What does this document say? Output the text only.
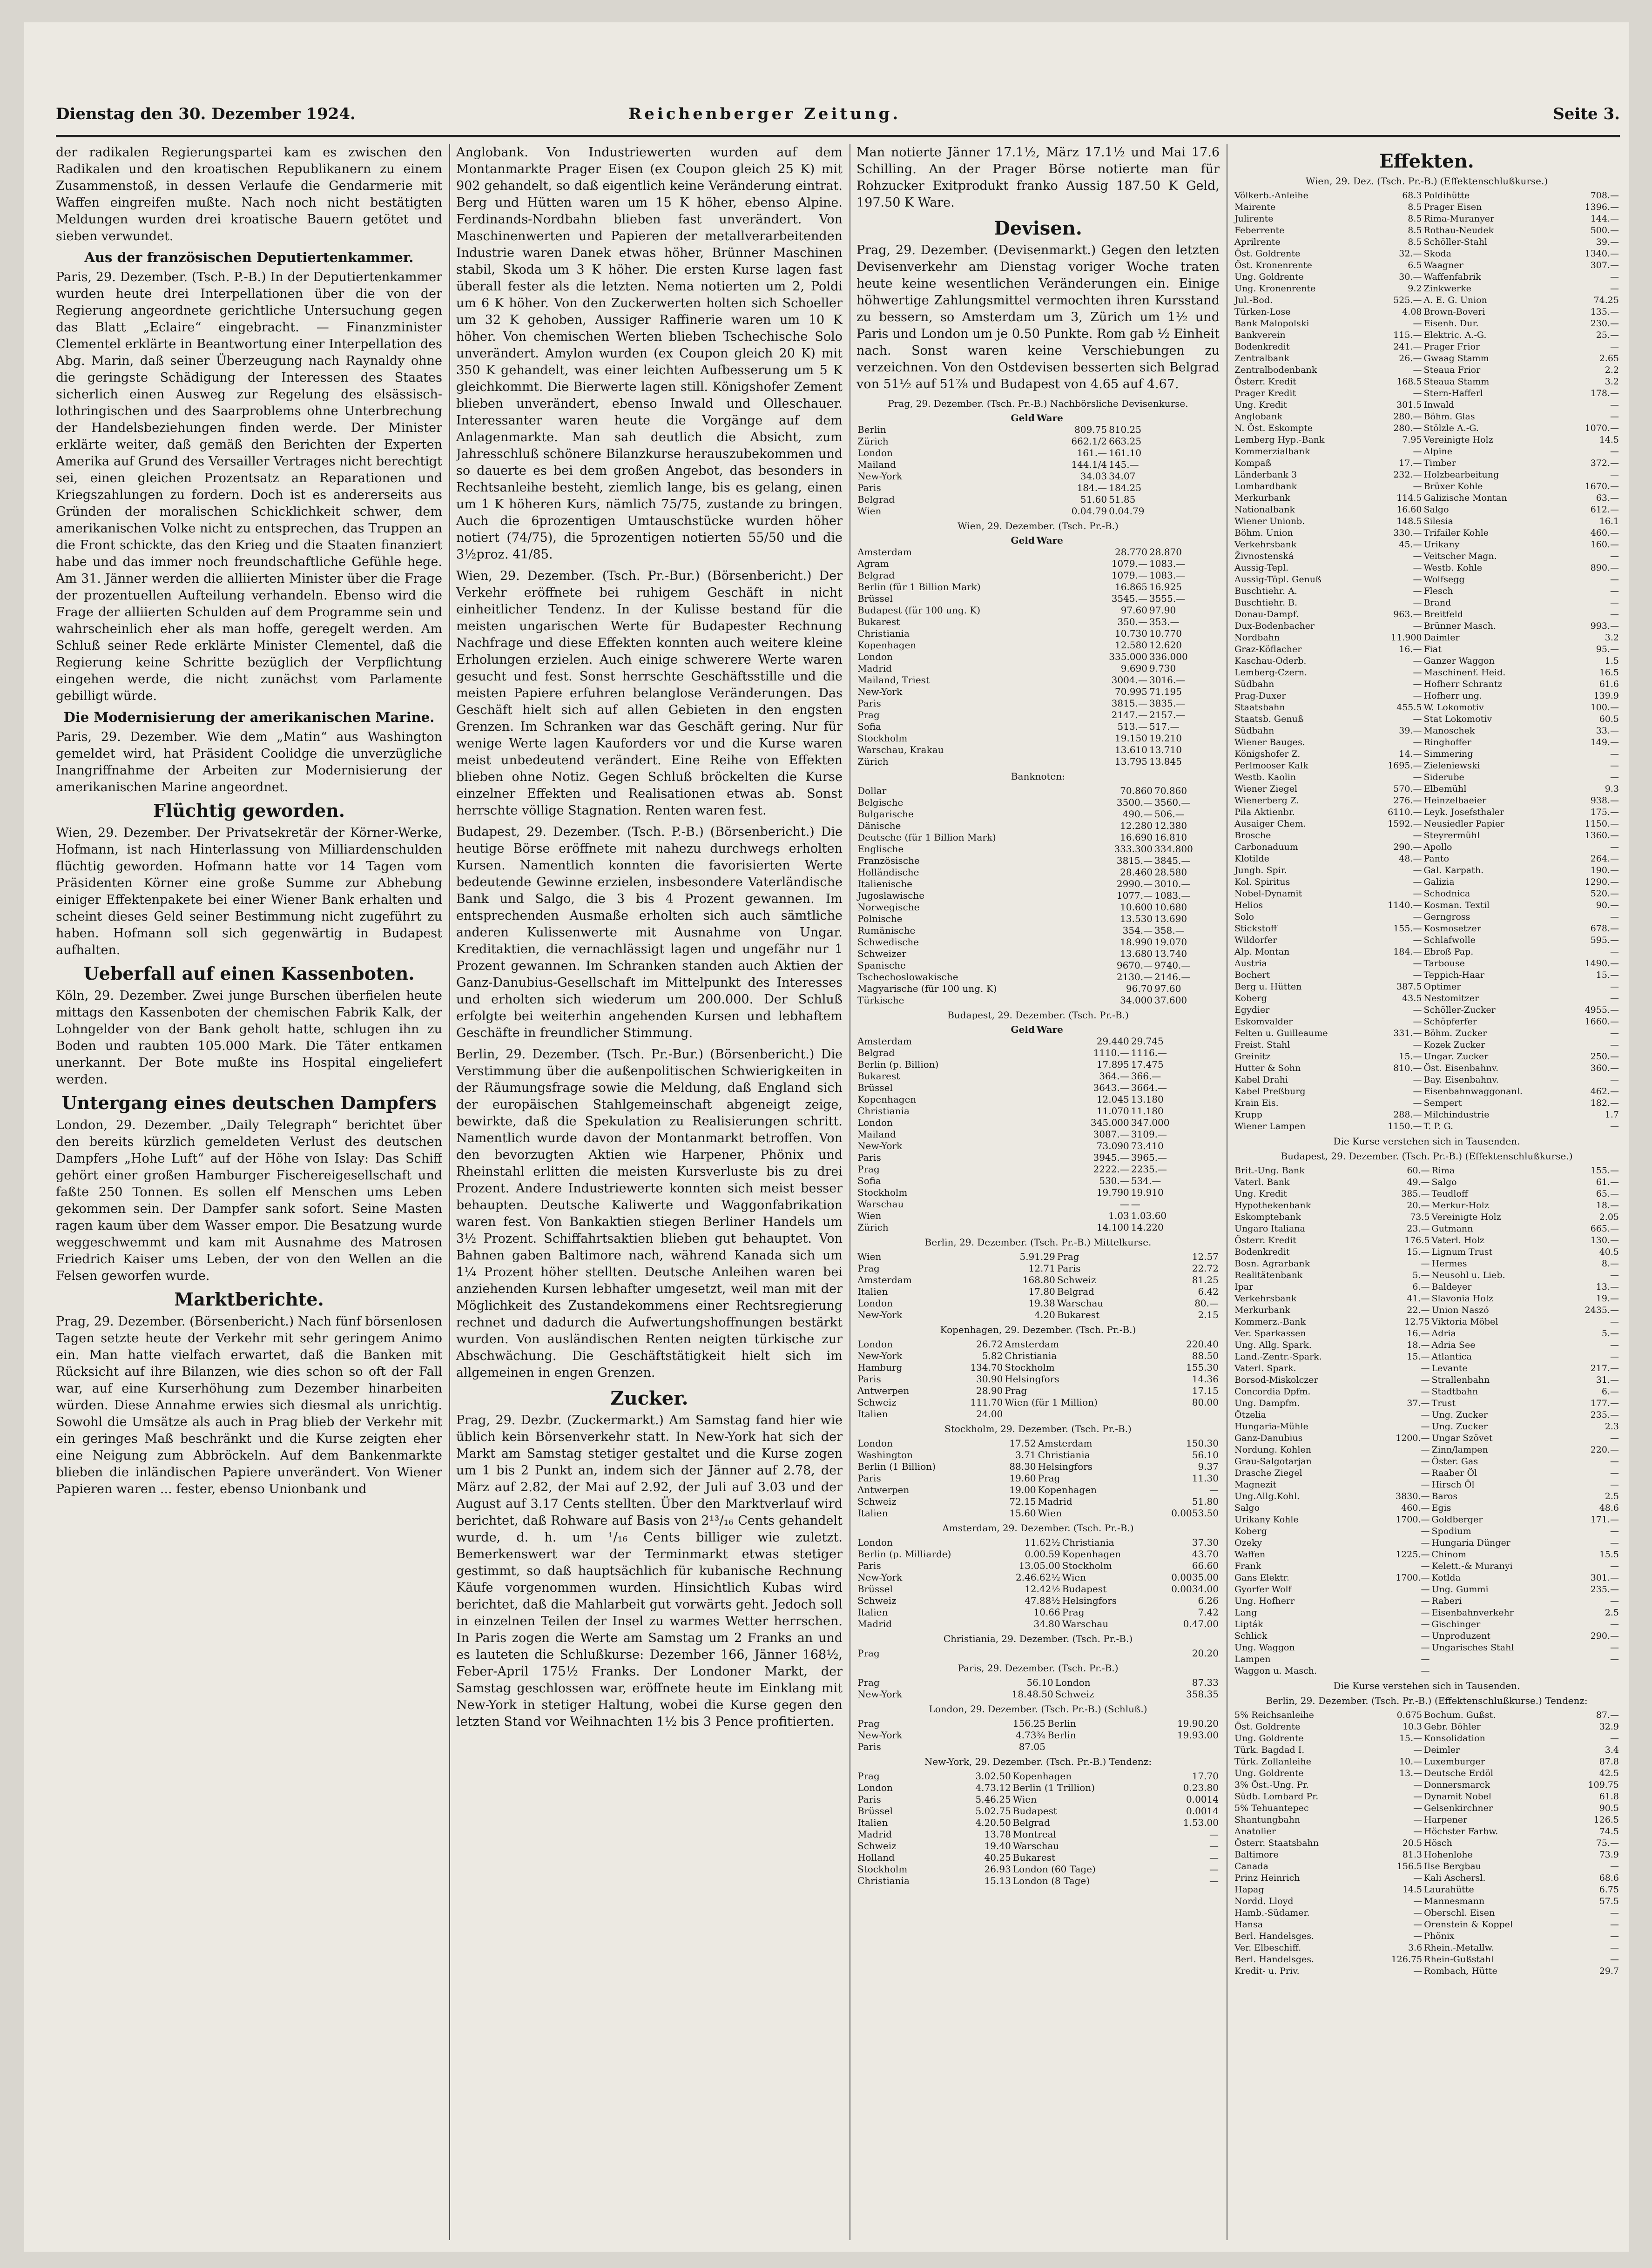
Dienstag den 30. Dezember 1924.	Reichenberger Zeitung.	Seite 3.

der radikalen Regierungspartei kam es zwischen den Radikalen und den kroatischen Republikanern zu einem Zusammenstoß, in dessen Verlaufe die Gendarmerie mit Waffen eingreifen mußte. Nach noch nicht bestätigten Meldungen wurden drei kroatische Bauern getötet und sieben verwundet.

Aus der französischen Deputiertenkammer.

Paris, 29. Dezember. (Tsch. P.-B.) In der Deputiertenkammer wurden heute drei Interpellationen über die von der Regierung angeordnete gerichtliche Untersuchung gegen das Blatt „Eclaire“ eingebracht. — Finanzminister Clementel erklärte in Beantwortung einer Interpellation des Abg. Marin, daß seiner Überzeugung nach Raynaldy ohne die geringste Schädigung der Interessen des Staates sicherlich einen Ausweg zur Regelung des elsässisch-lothringischen und des Saarproblems ohne Unterbrechung der Handelsbeziehungen finden werde. Der Minister erklärte weiter, daß gemäß den Berichten der Experten Amerika auf Grund des Versailler Vertrages nicht berechtigt sei, einen gleichen Prozentsatz an Reparationen und Kriegszahlungen zu fordern. Doch ist es andererseits aus Gründen der moralischen Schicklichkeit schwer, dem amerikanischen Volke nicht zu entsprechen, das Truppen an die Front schickte, das den Krieg und die Staaten finanziert habe und das immer noch freundschaftliche Gefühle hege. Am 31. Jänner werden die alliierten Minister über die Frage der prozentuellen Aufteilung verhandeln. Ebenso wird die Frage der alliierten Schulden auf dem Programme sein und wahrscheinlich eher als man hoffe, geregelt werden. Am Schluß seiner Rede erklärte Minister Clementel, daß die Regierung keine Schritte bezüglich der Verpflichtung eingehen werde, die nicht zunächst vom Parlamente gebilligt würde.

Die Modernisierung der amerikanischen Marine.

Paris, 29. Dezember. Wie dem „Matin“ aus Washington gemeldet wird, hat Präsident Coolidge die unverzügliche Inangriffnahme der Arbeiten zur Modernisierung der amerikanischen Marine angeordnet.

Flüchtig geworden.

Wien, 29. Dezember. Der Privatsekretär der Körner-Werke, Hofmann, ist nach Hinterlassung von Milliardenschulden flüchtig geworden. Hofmann hatte vor 14 Tagen vom Präsidenten Körner eine große Summe zur Abhebung einiger Effektenpakete bei einer Wiener Bank erhalten und scheint dieses Geld seiner Bestimmung nicht zugeführt zu haben. Hofmann soll sich gegenwärtig in Budapest aufhalten.

Ueberfall auf einen Kassenboten.

Köln, 29. Dezember. Zwei junge Burschen überfielen heute mittags den Kassenboten der chemischen Fabrik Kalk, der Lohngelder von der Bank geholt hatte, schlugen ihn zu Boden und raubten 105.000 Mark. Die Täter entkamen unerkannt. Der Bote mußte ins Hospital eingeliefert werden.

Untergang eines deutschen Dampfers

London, 29. Dezember. „Daily Telegraph“ berichtet über den bereits kürzlich gemeldeten Verlust des deutschen Dampfers „Hohe Luft“ auf der Höhe von Islay: Das Schiff gehört einer großen Hamburger Fischereigesellschaft und faßte 250 Tonnen. Es sollen elf Menschen ums Leben gekommen sein. Der Dampfer sank sofort. Seine Masten ragen kaum über dem Wasser empor. Die Besatzung wurde weggeschwemmt und kam mit Ausnahme des Matrosen Friedrich Kaiser ums Leben, der von den Wellen an die Felsen geworfen wurde.

Marktberichte.

Prag, 29. Dezember. (Börsenbericht.) Nach fünf börsenlosen Tagen setzte heute der Verkehr mit sehr geringem Animo ein. Man hatte vielfach erwartet, daß die Banken mit Rücksicht auf ihre Bilanzen, wie dies schon so oft der Fall war, auf eine Kurserhöhung zum Dezember hinarbeiten würden. Diese Annahme erwies sich diesmal als unrichtig. Sowohl die Umsätze als auch in Prag blieb der Verkehr mit ein geringes Maß beschränkt und die Kurse zeigten eher eine Neigung zum Abbröckeln. Auf dem Bankenmarkte blieben die inländischen Papiere unverändert. Von Wiener Papieren waren ... fester, ebenso Unionbank und

Anglobank. Von Industriewerten wurden auf dem Montanmarkte Prager Eisen (ex Coupon gleich 25 K) mit 902 gehandelt, so daß eigentlich keine Veränderung eintrat. Berg und Hütten waren um 15 K höher, ebenso Alpine. Ferdinands-Nordbahn blieben fast unverändert. Von Maschinenwerten und Papieren der metallverarbeitenden Industrie waren Danek etwas höher, Brünner Maschinen stabil, Skoda um 3 K höher. Die ersten Kurse lagen fast überall fester als die letzten. Nema notierten um 2, Poldi um 6 K höher. Von den Zuckerwerten holten sich Schoeller um 32 K gehoben, Aussiger Raffinerie waren um 10 K höher. Von chemischen Werten blieben Tschechische Solo unverändert. Amylon wurden (ex Coupon gleich 20 K) mit 350 K gehandelt, was einer leichten Aufbesserung um 5 K gleichkommt. Die Bierwerte lagen still. Königshofer Zement blieben unverändert, ebenso Inwald und Olleschauer. Interessanter waren heute die Vorgänge auf dem Anlagenmarkte. Man sah deutlich die Absicht, zum Jahresschluß schönere Bilanzkurse herauszubekommen und so dauerte es bei dem großen Angebot, das besonders in Rechtsanleihe besteht, ziemlich lange, bis es gelang, einen um 1 K höheren Kurs, nämlich 75/75, zustande zu bringen. Auch die 6prozentigen Umtauschstücke wurden höher notiert (74/75), die 5prozentigen notierten 55/50 und die 3½proz. 41/85.

Wien, 29. Dezember. (Tsch. Pr.-Bur.) (Börsenbericht.) Der Verkehr eröffnete bei ruhigem Geschäft in nicht einheitlicher Tendenz. In der Kulisse bestand für die meisten ungarischen Werte für Budapester Rechnung Nachfrage und diese Effekten konnten auch weitere kleine Erholungen erzielen. Auch einige schwerere Werte waren gesucht und fest. Sonst herrschte Geschäftsstille und die meisten Papiere erfuhren belanglose Veränderungen. Das Geschäft hielt sich auf allen Gebieten in den engsten Grenzen. Im Schranken war das Geschäft gering. Nur für wenige Werte lagen Kauforders vor und die Kurse waren meist unbedeutend verändert. Eine Reihe von Effekten blieben ohne Notiz. Gegen Schluß bröckelten die Kurse einzelner Effekten und Realisationen etwas ab. Sonst herrschte völlige Stagnation. Renten waren fest.

Budapest, 29. Dezember. (Tsch. P.-B.) (Börsenbericht.) Die heutige Börse eröffnete mit nahezu durchwegs erholten Kursen. Namentlich konnten die favorisierten Werte bedeutende Gewinne erzielen, insbesondere Vaterländische Bank und Salgo, die 3 bis 4 Prozent gewannen. Im entsprechenden Ausmaße erholten sich auch sämtliche anderen Kulissenwerte mit Ausnahme von Ungar. Kreditaktien, die vernachlässigt lagen und ungefähr nur 1 Prozent gewannen. Im Schranken standen auch Aktien der Ganz-Danubius-Gesellschaft im Mittelpunkt des Interesses und erholten sich wiederum um 200.000. Der Schluß erfolgte bei weiterhin angehenden Kursen und lebhaftem Geschäfte in freundlicher Stimmung.

Berlin, 29. Dezember. (Tsch. Pr.-Bur.) (Börsenbericht.) Die Verstimmung über die außenpolitischen Schwierigkeiten in der Räumungsfrage sowie die Meldung, daß England sich der europäischen Stahlgemeinschaft abgeneigt zeige, bewirkte, daß die Spekulation zu Realisierungen schritt. Namentlich wurde davon der Montanmarkt betroffen. Von den bevorzugten Aktien wie Harpener, Phönix und Rheinstahl erlitten die meisten Kursverluste bis zu drei Prozent. Andere Industriewerte konnten sich meist besser behaupten. Deutsche Kaliwerte und Waggonfabrikation waren fest. Von Bankaktien stiegen Berliner Handels um 3½ Prozent. Schiffahrtsaktien blieben gut behauptet. Von Bahnen gaben Baltimore nach, während Kanada sich um 1¼ Prozent höher stellten. Deutsche Anleihen waren bei anziehenden Kursen lebhafter umgesetzt, weil man mit der Möglichkeit des Zustandekommens einer Rechtsregierung rechnet und dadurch die Aufwertungshoffnungen bestärkt wurden. Von ausländischen Renten neigten türkische zur Abschwächung. Die Geschäftstätigkeit hielt sich im allgemeinen in engen Grenzen.

Zucker.

Prag, 29. Dezbr. (Zuckermarkt.) Am Samstag fand hier wie üblich kein Börsenverkehr statt. In New-York hat sich der Markt am Samstag stetiger gestaltet und die Kurse zogen um 1 bis 2 Punkt an, indem sich der Jänner auf 2.78, der März auf 2.82, der Mai auf 2.92, der Juli auf 3.03 und der August auf 3.17 Cents stellten. Über den Marktverlauf wird berichtet, daß Rohware auf Basis von 2¹³/₁₆ Cents gehandelt wurde, d. h. um ¹/₁₆ Cents billiger wie zuletzt. Bemerkenswert war der Terminmarkt etwas stetiger gestimmt, so daß hauptsächlich für kubanische Rechnung Käufe vorgenommen wurden. Hinsichtlich Kubas wird berichtet, daß die Mahlarbeit gut vorwärts geht. Jedoch soll in einzelnen Teilen der Insel zu warmes Wetter herrschen. In Paris zogen die Werte am Samstag um 2 Franks an und es lauteten die Schlußkurse: Dezember 166, Jänner 168½, Feber-April 175½ Franks. Der Londoner Markt, der Samstag geschlossen war, eröffnete heute im Einklang mit New-York in stetiger Haltung, wobei die Kurse gegen den letzten Stand vor Weihnachten 1½ bis 3 Pence profitierten.

Man notierte Jänner 17.1½, März 17.1½ und Mai 17.6 Schilling. An der Prager Börse notierte man für Rohzucker Exitprodukt franko Aussig 187.50 K Geld, 197.50 K Ware.

Devisen.

Prag, 29. Dezember. (Devisenmarkt.) Gegen den letzten Devisenverkehr am Dienstag voriger Woche traten heute keine wesentlichen Veränderungen ein. Einige höhwertige Zahlungsmittel vermochten ihren Kursstand zu bessern, so Amsterdam um 3, Zürich um 1½ und Paris und London um je 0.50 Punkte. Rom gab ½ Einheit nach. Sonst waren keine Verschiebungen zu verzeichnen. Von den Ostdevisen besserten sich Belgrad von 51½ auf 51⅞ und Budapest von 4.65 auf 4.67.

Prag, 29. Dezember. (Tsch. Pr.-B.) Nachbörsliche Devisenkurse.
	Geld	Ware
Berlin	809.75	810.25
Zürich	662.1/2	663.25
London	161.—	161.10
Mailand	144.1/4	145.—
New-York	34.03	34.07
Paris	184.—	184.25
Belgrad	51.60	51.85
Wien	0.04.79	0.04.79
Wien, 29. Dezember. (Tsch. Pr.-B.)
	Geld	Ware
Amsterdam	28.770	28.870
Agram	1079.—	1083.—
Belgrad	1079.—	1083.—
Berlin (für 1 Billion Mark)	16.865	16.925
Brüssel	3545.—	3555.—
Budapest (für 100 ung. K)	97.60	97.90
Bukarest	350.—	353.—
Christiania	10.730	10.770
Kopenhagen	12.580	12.620
London	335.000	336.000
Madrid	9.690	9.730
Mailand, Triest	3004.—	3016.—
New-York	70.995	71.195
Paris	3815.—	3835.—
Prag	2147.—	2157.—
Sofia	513.—	517.—
Stockholm	19.150	19.210
Warschau, Krakau	13.610	13.710
Zürich	13.795	13.845
Banknoten:
Dollar	70.860	70.860
Belgische	3500.—	3560.—
Bulgarische	490.—	506.—
Dänische	12.280	12.380
Deutsche (für 1 Billion Mark)	16.690	16.810
Englische	333.300	334.800
Französische	3815.—	3845.—
Holländische	28.460	28.580
Italienische	2990.—	3010.—
Jugoslawische	1077.—	1083.—
Norwegische	10.600	10.680
Polnische	13.530	13.690
Rumänische	354.—	358.—
Schwedische	18.990	19.070
Schweizer	13.680	13.740
Spanische	9670.—	9740.—
Tschechoslowakische	2130.—	2146.—
Magyarische (für 100 ung. K)	96.70	97.60
Türkische	34.000	37.600
Budapest, 29. Dezember. (Tsch. Pr.-B.)
	Geld	Ware
Amsterdam	29.440	29.745
Belgrad	1110.—	1116.—
Berlin (p. Billion)	17.895	17.475
Bukarest	364.—	366.—
Brüssel	3643.—	3664.—
Kopenhagen	12.045	13.180
Christiania	11.070	11.180
London	345.000	347.000
Mailand	3087.—	3109.—
New-York	73.090	73.410
Paris	3945.—	3965.—
Prag	2222.—	2235.—
Sofia	530.—	534.—
Stockholm	19.790	19.910
Warschau	—	—
Wien	1.03	1.03.60
Zürich	14.100	14.220
Berlin, 29. Dezember. (Tsch. Pr.-B.) Mittelkurse.
Wien	5.91.29	Prag	12.57
Prag	12.71	Paris	22.72
Amsterdam	168.80	Schweiz	81.25
Italien	17.80	Belgrad	6.42
London	19.38	Warschau	80.—
New-York	4.20	Bukarest	2.15
Kopenhagen, 29. Dezember. (Tsch. Pr.-B.)
London	26.72	Amsterdam	220.40
New-York	5.82	Christiania	88.50
Hamburg	134.70	Stockholm	155.30
Paris	30.90	Helsingfors	14.36
Antwerpen	28.90	Prag	17.15
Schweiz	111.70	Wien (für 1 Million)	80.00
Italien	24.00		
Stockholm, 29. Dezember. (Tsch. Pr.-B.)
London	17.52	Amsterdam	150.30
Washington	3.71	Christiania	56.10
Berlin (1 Billion)	88.30	Helsingfors	9.37
Paris	19.60	Prag	11.30
Antwerpen	19.00	Kopenhagen	—
Schweiz	72.15	Madrid	51.80
Italien	15.60	Wien	0.0053.50
Amsterdam, 29. Dezember. (Tsch. Pr.-B.)
London	11.62½	Christiania	37.30
Berlin (p. Milliarde)	0.00.59	Kopenhagen	43.70
Paris	13.05.00	Stockholm	66.60
New-York	2.46.62½	Wien	0.0035.00
Brüssel	12.42½	Budapest	0.0034.00
Schweiz	47.88½	Helsingfors	6.26
Italien	10.66	Prag	7.42
Madrid	34.80	Warschau	0.47.00
Christiania, 29. Dezember. (Tsch. Pr.-B.)
Prag			20.20
Paris, 29. Dezember. (Tsch. Pr.-B.)
Prag	56.10	London	87.33
New-York	18.48.50	Schweiz	358.35
London, 29. Dezember. (Tsch. Pr.-B.) (Schluß.)
Prag	156.25	Berlin	19.90.20
New-York	4.73¾	Berlin	19.93.00
Paris	87.05		
New-York, 29. Dezember. (Tsch. Pr.-B.) Tendenz:
Prag	3.02.50	Kopenhagen	17.70
London	4.73.12	Berlin (1 Trillion)	0.23.80
Paris	5.46.25	Wien	0.0014
Brüssel	5.02.75	Budapest	0.0014
Italien	4.20.50	Belgrad	1.53.00
Madrid	13.78	Montreal	—
Schweiz	19.40	Warschau	—
Holland	40.25	Bukarest	—
Stockholm	26.93	London (60 Tage)	—
Christiania	15.13	London (8 Tage)	—
Effekten.
Wien, 29. Dez. (Tsch. Pr.-B.) (Effektenschlußkurse.)
Völkerb.-Anleihe	68.3	Poldihütte	708.—
Mairente	8.5	Prager Eisen	1396.—
Julirente	8.5	Rima-Muranyer	144.—
Feberrente	8.5	Rothau-Neudek	500.—
Aprilrente	8.5	Schöller-Stahl	39.—
Öst. Goldrente	32.—	Skoda	1340.—
Öst. Kronenrente	6.5	Waagner	307.—
Ung. Goldrente	30.—	Waffenfabrik	—
Ung. Kronenrente	9.2	Zinkwerke	—
Jul.-Bod.	525.—	A. E. G. Union	74.25
Türken-Lose	4.08	Brown-Boveri	135.—
Bank Malopolski	—	Eisenh. Dur.	230.—
Bankverein	115.—	Elektric. A.-G.	25.—
Bodenkredit	241.—	Prager Frior	—
Zentralbank	26.—	Gwaag Stamm	2.65
Zentralbodenbank	—	Steaua Frior	2.2
Österr. Kredit	168.5	Steaua Stamm	3.2
Prager Kredit	—	Stern-Hafferl	178.—
Ung. Kredit	301.5	Inwald	—
Anglobank	280.—	Böhm. Glas	—
N. Öst. Eskompte	280.—	Stölzle A.-G.	1070.—
Lemberg Hyp.-Bank	7.95	Vereinigte Holz	14.5
Kommerzialbank	—	Alpine	—
Kompaß	17.—	Timber	372.—
Länderbank 3	232.—	Holzbearbeitung	—
Lombardbank	—	Brüxer Kohle	1670.—
Merkurbank	114.5	Galizische Montan	63.—
Nationalbank	16.60	Salgo	612.—
Wiener Unionb.	148.5	Silesia	16.1
Böhm. Union	330.—	Trifailer Kohle	460.—
Verkehrsbank	45.—	Urikany	160.—
Živnostenská	—	Veitscher Magn.	—
Aussig-Tepl.	—	Westb. Kohle	890.—
Aussig-Töpl. Genuß	—	Wolfsegg	—
Buschtiehr. A.	—	Flesch	—
Buschtiehr. B.	—	Brand	—
Donau-Dampf.	963.—	Breitfeld	—
Dux-Bodenbacher	—	Brünner Masch.	993.—
Nordbahn	11.900	Daimler	3.2
Graz-Köflacher	16.—	Fiat	95.—
Kaschau-Oderb.	—	Ganzer Waggon	1.5
Lemberg-Czern.	—	Maschinenf. Heid.	16.5
Südbahn	—	Hofherr Schrantz	61.6
Prag-Duxer	—	Hofherr ung.	139.9
Staatsbahn	455.5	W. Lokomotiv	100.—
Staatsb. Genuß	—	Stat Lokomotiv	60.5
Südbahn	39.—	Manoschek	33.—
Wiener Bauges.	—	Ringhoffer	149.—
Königshofer Z.	14.—	Simmering	—
Perlmooser Kalk	1695.—	Zieleniewski	—
Westb. Kaolin	—	Siderube	—
Wiener Ziegel	570.—	Elbemühl	9.3
Wienerberg Z.	276.—	Heinzelbaeier	938.—
Pila Aktienbr.	6110.—	Leyk. Josefsthaler	175.—
Ausaiger Chem.	1592.—	Neusiedler Papier	1150.—
Brosche	—	Steyrermühl	1360.—
Carbonaduum	290.—	Apollo	—
Klotilde	48.—	Panto	264.—
Jungb. Spir.	—	Gal. Karpath.	190.—
Kol. Spiritus	—	Galizia	1290.—
Nobel-Dynamit	—	Schodnica	520.—
Helios	1140.—	Kosman. Textil	90.—
Solo	—	Gerngross	—
Stickstoff	155.—	Kosmosetzer	678.—
Wildorfer	—	Schlafwolle	595.—
Alp. Montan	184.—	Ebroß Pap.	—
Austria	—	Tarbouse	1490.—
Bochert	—	Teppich-Haar	15.—
Berg u. Hütten	387.5	Optimer	—
Koberg	43.5	Nestomitzer	—
Egydier	—	Schöller-Zucker	4955.—
Eskomvalder	—	Schöpferfer	1660.—
Felten u. Guilleaume	331.—	Böhm. Zucker	—
Freist. Stahl	—	Kozek Zucker	—
Greinitz	15.—	Ungar. Zucker	250.—
Hutter & Sohn	810.—	Öst. Eisenbahnv.	360.—
Kabel Drahi	—	Bay. Eisenbahnv.	—
Kabel Preßburg	—	Eisenbahnwaggonanl.	462.—
Krain Eis.	—	Sempert	182.—
Krupp	288.—	Milchindustrie	1.7
Wiener Lampen	1150.—	T. P. G.	—
Die Kurse verstehen sich in Tausenden.
Budapest, 29. Dezember. (Tsch. Pr.-B.) (Effektenschlußkurse.)
Brit.-Ung. Bank	60.—	Rima	155.—
Vaterl. Bank	49.—	Salgo	61.—
Ung. Kredit	385.—	Teudloff	65.—
Hypothekenbank	20.—	Merkur-Holz	18.—
Eskomptebank	73.5	Vereinigte Holz	2.05
Ungaro Italiana	23.—	Gutmann	665.—
Österr. Kredit	176.5	Vaterl. Holz	130.—
Bodenkredit	15.—	Lignum Trust	40.5
Bosn. Agrarbank	—	Hermes	8.—
Realitätenbank	5.—	Neusohl u. Lieb.	—
Ipar	6.—	Baldeyer	13.—
Verkehrsbank	41.—	Slavonia Holz	19.—
Merkurbank	22.—	Union Naszó	2435.—
Kommerz.-Bank	12.75	Viktoria Möbel	—
Ver. Sparkassen	16.—	Adria	5.—
Ung. Allg. Spark.	18.—	Adria See	—
Land.-Zentr.-Spark.	15.—	Atlantica	—
Vaterl. Spark.	—	Levante	217.—
Borsod-Miskolczer	—	Strallenbahn	31.—
Concordia Dpfm.	—	Stadtbahn	6.—
Ung. Dampfm.	37.—	Trust	177.—
Ötzelia	—	Ung. Zucker	235.—
Hungaria-Mühle	—	Ung. Zucker	2.3
Ganz-Danubius	1200.—	Ungar Szövet	—
Nordung. Kohlen	—	Zinn/lampen	220.—
Grau-Salgotarjan	—	Öster. Gas	—
Drasche Ziegel	—	Raaber Öl	—
Magnezit	—	Hirsch Öl	—
Ung.Allg.Kohl.	3830.—	Baros	2.5
Salgo	460.—	Egis	48.6
Urikany Kohle	1700.—	Goldberger	171.—
Koberg	—	Spodium	—
Ozeky	—	Hungaria Dünger	—
Waffen	1225.—	Chinom	15.5
Frank	—	Kelett.-& Muranyi	—
Gans Elektr.	1700.—	Kotlda	301.—
Gyorfer Wolf	—	Ung. Gummi	235.—
Ung. Hofherr	—	Raberi	—
Lang	—	Eisenbahnverkehr	2.5
Lipták	—	Gischinger	—
Schlick	—	Unproduzent	290.—
Ung. Waggon	—	Ungarisches Stahl	—
Lampen	—		—
Waggon u. Masch.	—		
Die Kurse verstehen sich in Tausenden.
Berlin, 29. Dezember. (Tsch. Pr.-B.) (Effektenschlußkurse.) Tendenz:
5% Reichsanleihe	0.675	Bochum. Gußst.	87.—
Öst. Goldrente	10.3	Gebr. Böhler	32.9
Ung. Goldrente	15.—	Konsolidation	—
Türk. Bagdad I.	—	Deimler	3.4
Türk. Zollanleihe	10.—	Luxemburger	87.8
Ung. Goldrente	13.—	Deutsche Erdöl	42.5
3% Öst.-Ung. Pr.	—	Donnersmarck	109.75
Südb. Lombard Pr.	—	Dynamit Nobel	61.8
5% Tehuantepec	—	Gelsenkirchner	90.5
Shantungbahn	—	Harpener	126.5
Anatolier	—	Höchster Farbw.	74.5
Österr. Staatsbahn	20.5	Hösch	75.—
Baltimore	81.3	Hohenlohe	73.9
Canada	156.5	Ilse Bergbau	—
Prinz Heinrich	—	Kali Aschersl.	68.6
Hapag	14.5	Laurahütte	6.75
Nordd. Lloyd	—	Mannesmann	57.5
Hamb.-Südamer.	—	Oberschl. Eisen	—
Hansa	—	Orenstein & Koppel	—
Berl. Handelsges.	—	Phönix	—
Ver. Elbeschiff.	3.6	Rhein.-Metallw.	—
Berl. Handelsges.	126.75	Rhein-Gußstahl	—
Kredit- u. Priv.	—	Rombach, Hütte	29.7
